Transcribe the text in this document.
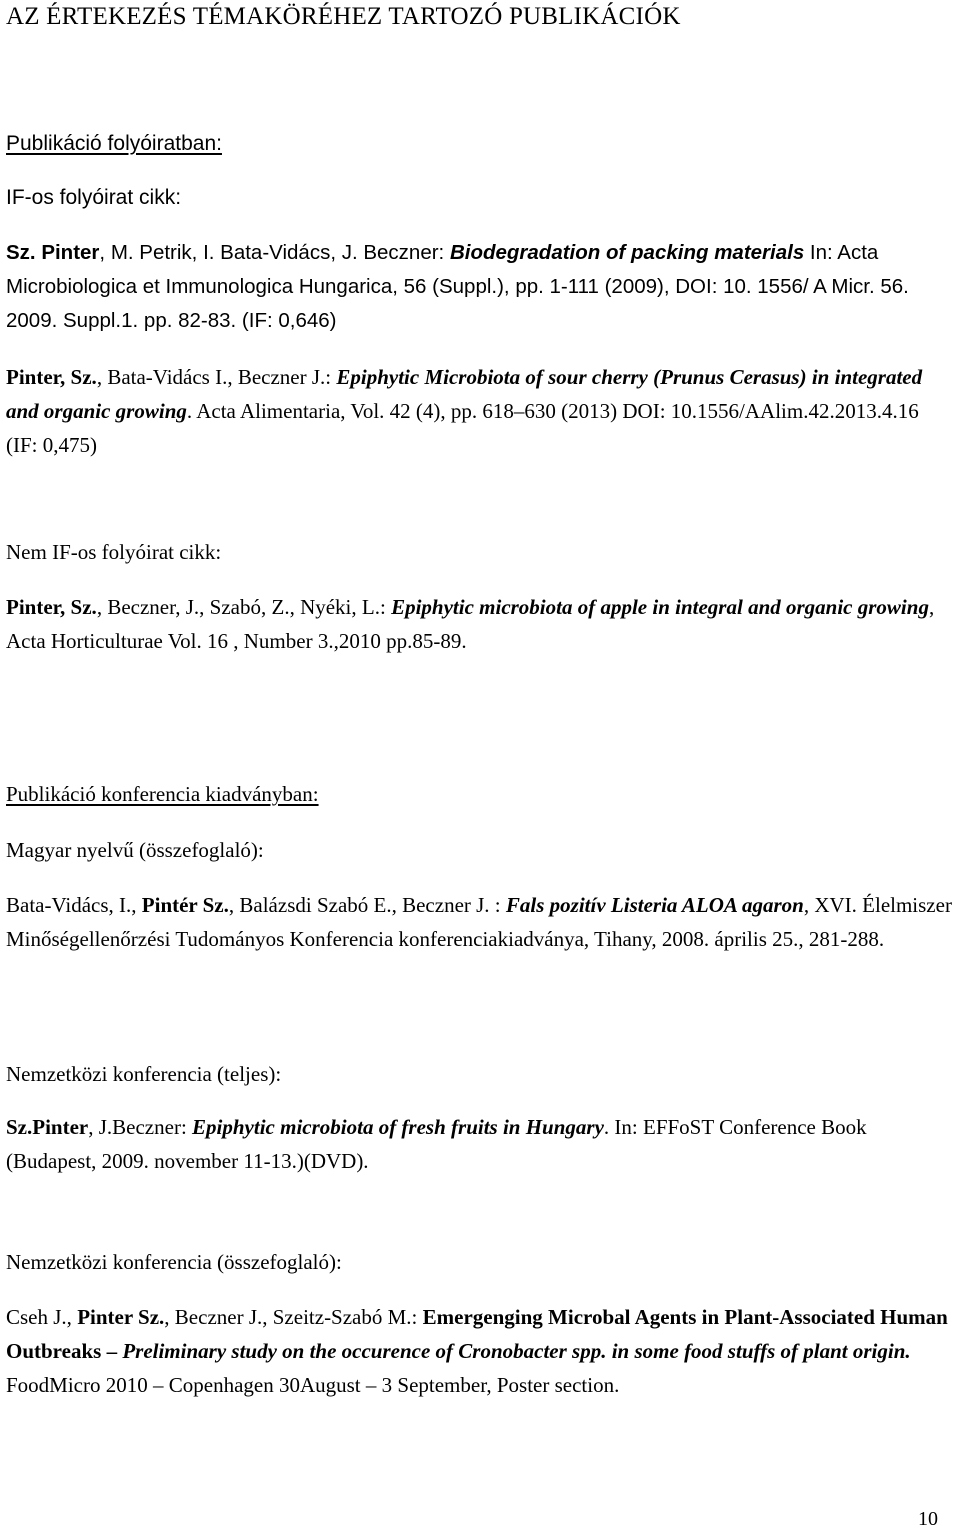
AZ ÉRTEKEZÉS TÉMAKÖRÉHEZ TARTOZÓ PUBLIKÁCIÓK
Publikáció folyóiratban:
IF-os folyóirat cikk:
Sz. Pinter, M. Petrik, I. Bata-Vidács, J. Beczner: Biodegradation of packing materials In: Acta Microbiologica et Immunologica Hungarica, 56 (Suppl.), pp. 1-111 (2009), DOI: 10. 1556/ A Micr. 56. 2009. Suppl.1. pp. 82-83. (IF: 0,646)
Pinter, Sz., Bata-Vidács I., Beczner J.: Epiphytic Microbiota of sour cherry (Prunus Cerasus) in integrated and organic growing. Acta Alimentaria, Vol. 42 (4), pp. 618–630 (2013) DOI: 10.1556/AAlim.42.2013.4.16 (IF: 0,475)
Nem IF-os folyóirat cikk:
Pinter, Sz., Beczner, J., Szabó, Z., Nyéki, L.: Epiphytic microbiota of apple in integral and organic growing, Acta Horticulturae Vol. 16 , Number 3.,2010 pp.85-89.
Publikáció konferencia kiadványban:
Magyar nyelvű (összefoglaló):
Bata-Vidács, I., Pintér Sz., Balázsdi Szabó E., Beczner J. : Fals pozitív Listeria ALOA agaron, XVI. Élelmiszer Minőségellenőrzési Tudományos Konferencia konferenciakiadványa, Tihany, 2008. április 25., 281-288.
Nemzetközi konferencia (teljes):
Sz.Pinter, J.Beczner: Epiphytic microbiota of fresh fruits in Hungary. In: EFFoST Conference Book (Budapest, 2009. november 11-13.)(DVD).
Nemzetközi konferencia (összefoglaló):
Cseh J., Pinter Sz., Beczner J., Szeitz-Szabó M.: Emergenging Microbal Agents in Plant-Associated Human Outbreaks – Preliminary study on the occurence of Cronobacter spp. in some food stuffs of plant origin. FoodMicro 2010 – Copenhagen 30August – 3 September, Poster section.
10
